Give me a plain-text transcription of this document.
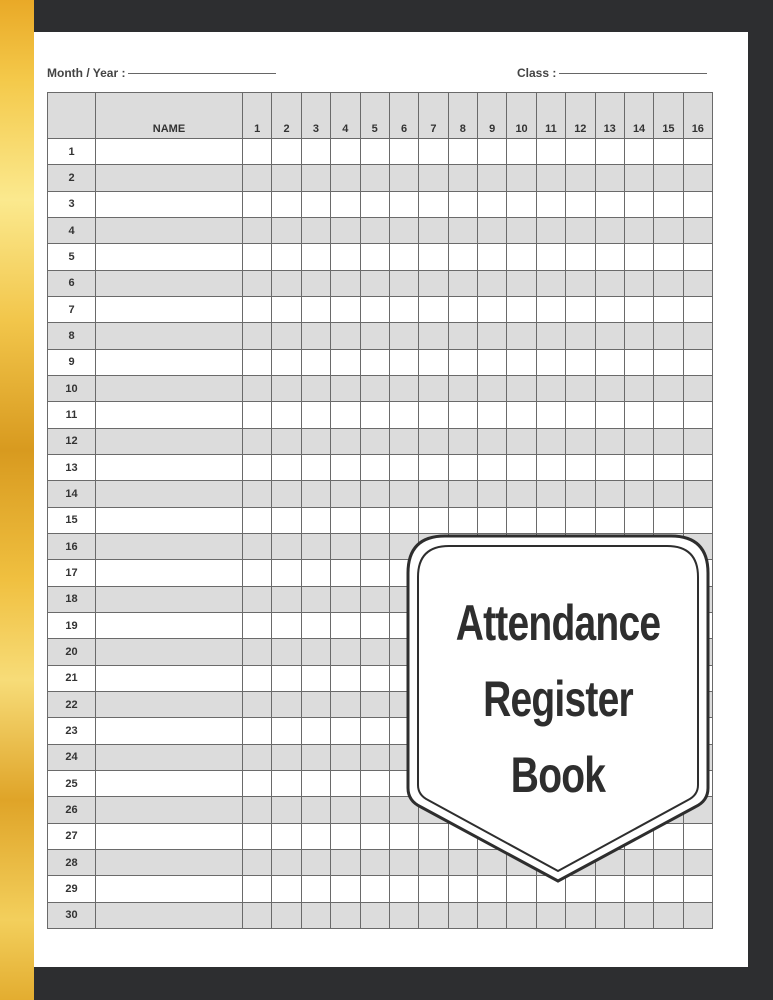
Month / Year :	Class :
	NAME	1	2	3	4	5	6	7	8	9	10	11	12	13	14	15	16
1																	
2																	
3																	
4																	
5																	
6																	
7																	
8																	
9																	
10																	
11																	
12																	
13																	
14																	
15																	
16																	
17																	
18																	
19																	
20																	
21																	
22																	
23																	
24																	
25																	
26																	
27																	
28																	
29																	
30																	
Attendance
Register
Book
